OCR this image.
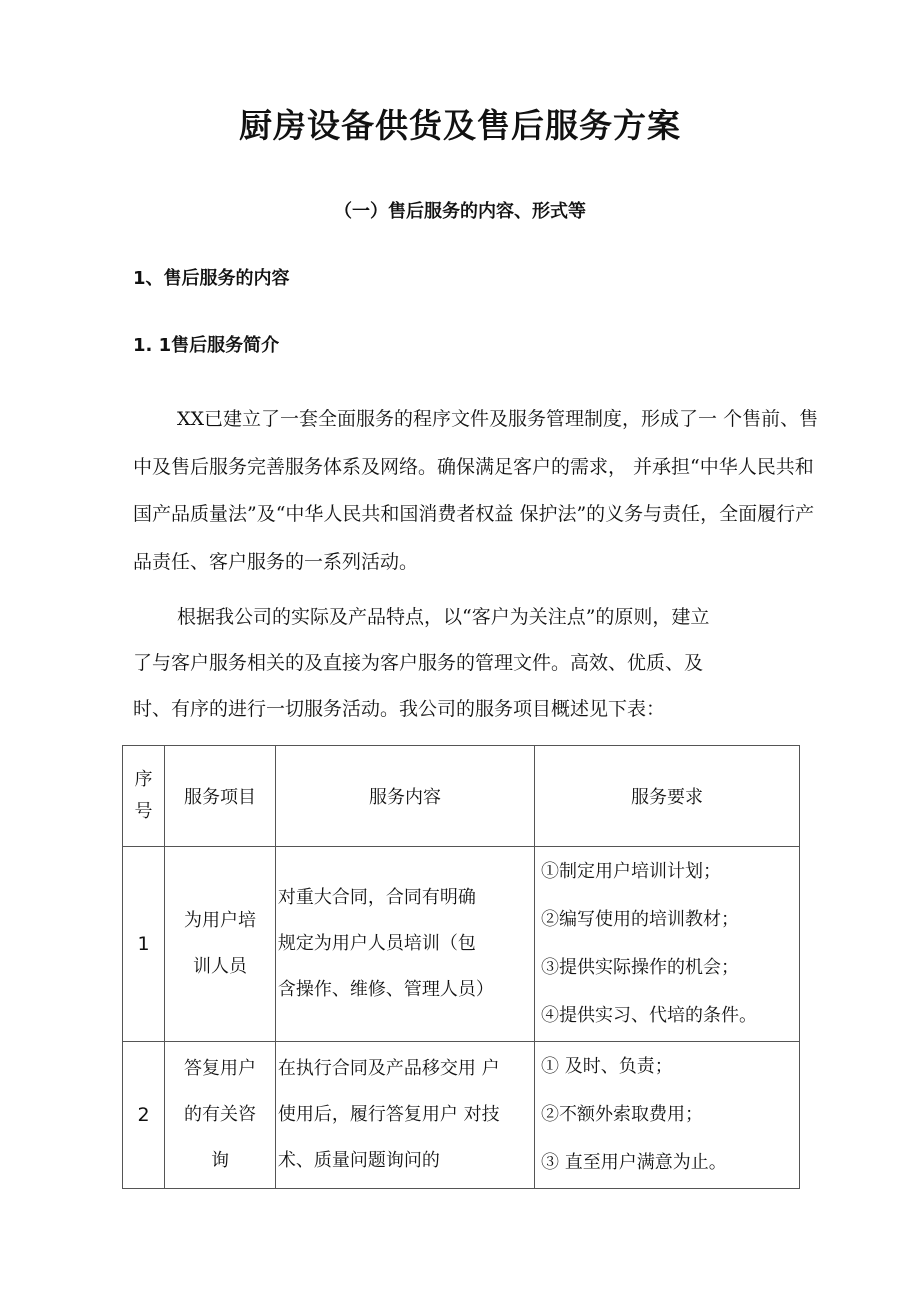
厨房设备供货及售后服务方案
（一）售后服务的内容、形式等
1、售后服务的内容
1. 1售后服务简介

XX已建立了一套全面服务的程序文件及服务管理制度，形成了一 个售前、售中及售后服务完善服务体系及网络。确保满足客户的需求， 并承担“中华人民共和国产品质量法”及“中华人民共和国消费者权益 保护法”的义务与责任，全面履行产品责任、客户服务的一系列活动。

根据我公司的实际及产品特点，以“客户为关注点”的原则，建立
了与客户服务相关的及直接为客户服务的管理文件。高效、优质、及
时、有序的进行一切服务活动。我公司的服务项目概述见下表：
序
号	服务项目	服务内容	服务要求
1	为用户培
训人员	对重大合同，合同有明确
规定为用户人员培训（包
含操作、维修、管理人员）	①制定用户培训计划；
②编写使用的培训教材；
③提供实际操作的机会；
④提供实习、代培的条件。

2	答复用户
的有关咨
询	在执行合同及产品移交用 户
使用后，履行答复用户 对技
术、质量问题询问的	① 及时、负责；
②不额外索取费用；
③ 直至用户满意为止。
